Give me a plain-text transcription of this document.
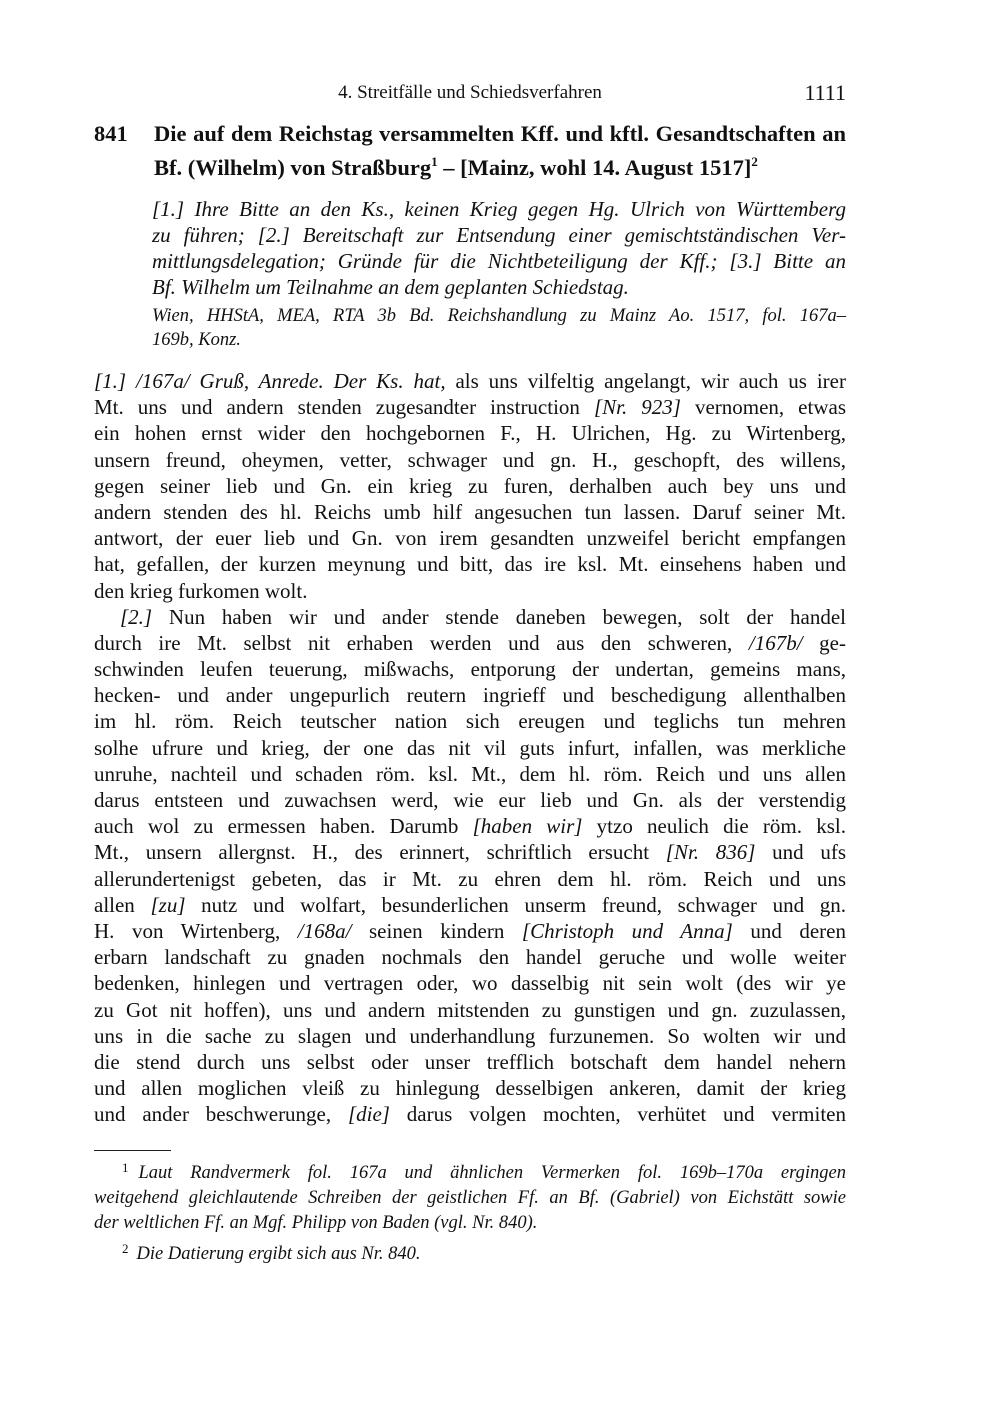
4. Streitfälle und Schiedsverfahren	1111
841 Die auf dem Reichstag versammelten Kff. und kftl. Gesandtschaften an
Bf. (Wilhelm) von Straßburg$^1$ – [Mainz, wohl 14. August 1517]$^2$
[1.] Ihre Bitte an den Ks., keinen Krieg gegen Hg. Ulrich von Württemberg
zu führen; [2.] Bereitschaft zur Entsendung einer gemischtständischen Ver-
mittlungsdelegation; Gründe für die Nichtbeteiligung der Kff.; [3.] Bitte an
Bf. Wilhelm um Teilnahme an dem geplanten Schiedstag.
Wien, HHStA, MEA, RTA 3b Bd. Reichshandlung zu Mainz Ao. 1517, fol. 167a–
169b, Konz.
[1.] /167a/ Gruß, Anrede. Der Ks. hat, als uns vilfeltig angelangt, wir auch us irer
Mt. uns und andern stenden zugesandter instruction [Nr. 923] vernomen, etwas
ein hohen ernst wider den hochgebornen F., H. Ulrichen, Hg. zu Wirtenberg,
unsern freund, oheymen, vetter, schwager und gn. H., geschopft, des willens,
gegen seiner lieb und Gn. ein krieg zu furen, derhalben auch bey uns und
andern stenden des hl. Reichs umb hilf angesuchen tun lassen. Daruf seiner Mt.
antwort, der euer lieb und Gn. von irem gesandten unzweifel bericht empfangen
hat, gefallen, der kurzen meynung und bitt, das ire ksl. Mt. einsehens haben und
den krieg furkomen wolt.
[2.] Nun haben wir und ander stende daneben bewegen, solt der handel
durch ire Mt. selbst nit erhaben werden und aus den schweren, /167b/ ge-
schwinden leufen teuerung, mißwachs, entporung der undertan, gemeins mans,
hecken- und ander ungepurlich reutern ingrieff und beschedigung allenthalben
im hl. röm. Reich teutscher nation sich ereugen und teglichs tun mehren
solhe ufrure und krieg, der one das nit vil guts infurt, infallen, was merkliche
unruhe, nachteil und schaden röm. ksl. Mt., dem hl. röm. Reich und uns allen
darus entsteen und zuwachsen werd, wie eur lieb und Gn. als der verstendig
auch wol zu ermessen haben. Darumb [haben wir] ytzo neulich die röm. ksl.
Mt., unsern allergnst. H., des erinnert, schriftlich ersucht [Nr. 836] und ufs
allerundertenigst gebeten, das ir Mt. zu ehren dem hl. röm. Reich und uns
allen [zu] nutz und wolfart, besunderlichen unserm freund, schwager und gn.
H. von Wirtenberg, /168a/ seinen kindern [Christoph und Anna] und deren
erbarn landschaft zu gnaden nochmals den handel geruche und wolle weiter
bedenken, hinlegen und vertragen oder, wo dasselbig nit sein wolt (des wir ye
zu Got nit hoffen), uns und andern mitstenden zu gunstigen und gn. zuzulassen,
uns in die sache zu slagen und underhandlung furzunemen. So wolten wir und
die stend durch uns selbst oder unser trefflich botschaft dem handel nehern
und allen moglichen vleiß zu hinlegung desselbigen ankeren, damit der krieg
und ander beschwerunge, [die] darus volgen mochten, verhütet und vermiten
$^1$ Laut Randvermerk fol. 167a und ähnlichen Vermerken fol. 169b–170a ergingen
weitgehend gleichlautende Schreiben der geistlichen Ff. an Bf. (Gabriel) von Eichstätt sowie
der weltlichen Ff. an Mgf. Philipp von Baden (vgl. Nr. 840).
$^2$ Die Datierung ergibt sich aus Nr. 840.
